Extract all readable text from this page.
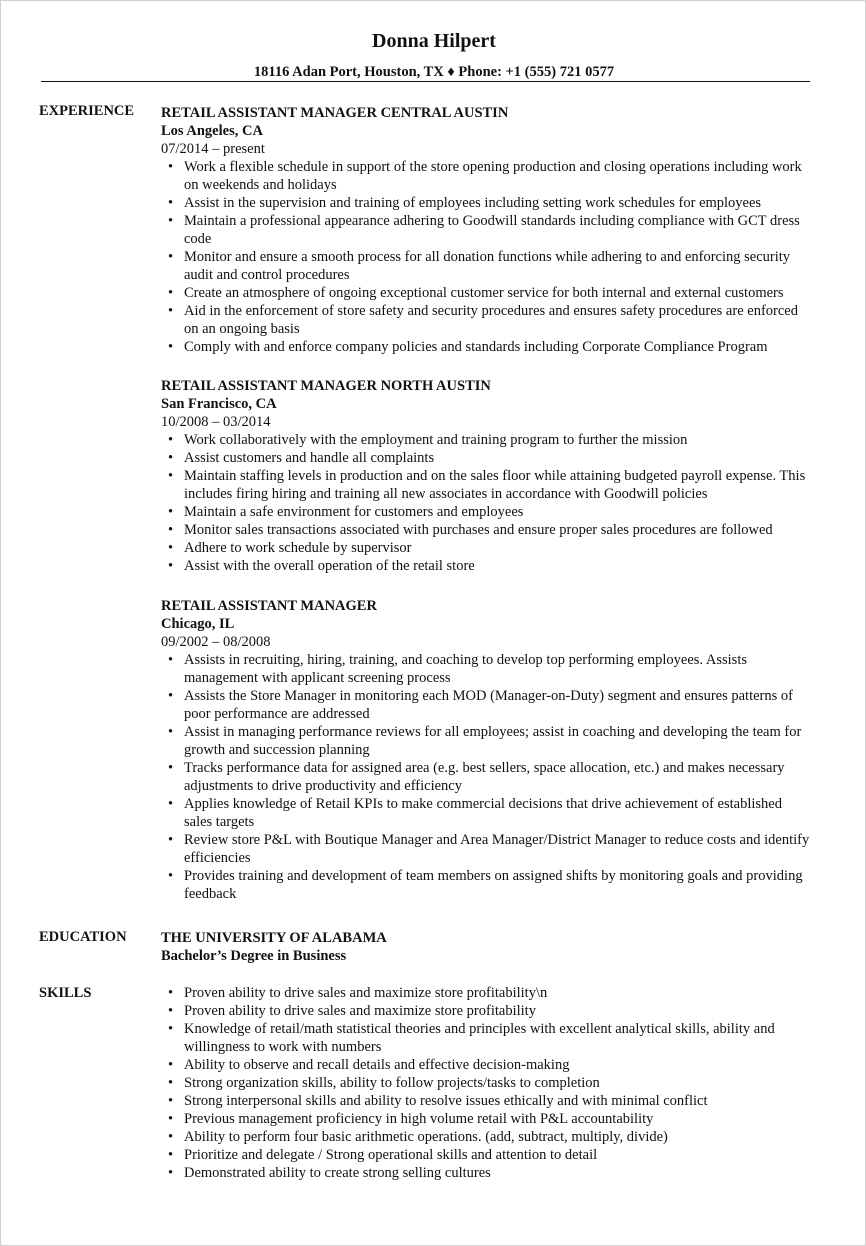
Donna Hilpert
18116 Adan Port, Houston, TX ♦ Phone: +1 (555) 721 0577
EXPERIENCE RETAIL ASSISTANT MANAGER CENTRAL AUSTIN
Los Angeles, CA
07/2014 – present
• Work a flexible schedule in support of the store opening production and closing operations including work on weekends and holidays
• Assist in the supervision and training of employees including setting work schedules for employees
• Maintain a professional appearance adhering to Goodwill standards including compliance with GCT dress code
• Monitor and ensure a smooth process for all donation functions while adhering to and enforcing security audit and control procedures
• Create an atmosphere of ongoing exceptional customer service for both internal and external customers
• Aid in the enforcement of store safety and security procedures and ensures safety procedures are enforced on an ongoing basis
• Comply with and enforce company policies and standards including Corporate Compliance Program
RETAIL ASSISTANT MANAGER NORTH AUSTIN
San Francisco, CA
10/2008 – 03/2014
• Work collaboratively with the employment and training program to further the mission
• Assist customers and handle all complaints
• Maintain staffing levels in production and on the sales floor while attaining budgeted payroll expense. This includes firing hiring and training all new associates in accordance with Goodwill policies
• Maintain a safe environment for customers and employees
• Monitor sales transactions associated with purchases and ensure proper sales procedures are followed
• Adhere to work schedule by supervisor
• Assist with the overall operation of the retail store
RETAIL ASSISTANT MANAGER
Chicago, IL
09/2002 – 08/2008
• Assists in recruiting, hiring, training, and coaching to develop top performing employees. Assists management with applicant screening process
• Assists the Store Manager in monitoring each MOD (Manager-on-Duty) segment and ensures patterns of poor performance are addressed
• Assist in managing performance reviews for all employees; assist in coaching and developing the team for growth and succession planning
• Tracks performance data for assigned area (e.g. best sellers, space allocation, etc.) and makes necessary adjustments to drive productivity and efficiency
• Applies knowledge of Retail KPIs to make commercial decisions that drive achievement of established sales targets
• Review store P&L with Boutique Manager and Area Manager/District Manager to reduce costs and identify efficiencies
• Provides training and development of team members on assigned shifts by monitoring goals and providing feedback
EDUCATION THE UNIVERSITY OF ALABAMA
Bachelor’s Degree in Business
SKILLS
•	Proven ability to drive sales and maximize store profitability\n
• Proven ability to drive sales and maximize store profitability
• Knowledge of retail/math statistical theories and principles with excellent analytical skills, ability and willingness to work with numbers
• Ability to observe and recall details and effective decision-making
• Strong organization skills, ability to follow projects/tasks to completion
• Strong interpersonal skills and ability to resolve issues ethically and with minimal conflict
• Previous management proficiency in high volume retail with P&L accountability
• Ability to perform four basic arithmetic operations. (add, subtract, multiply, divide)
• Prioritize and delegate / Strong operational skills and attention to detail
• Demonstrated ability to create strong selling cultures
